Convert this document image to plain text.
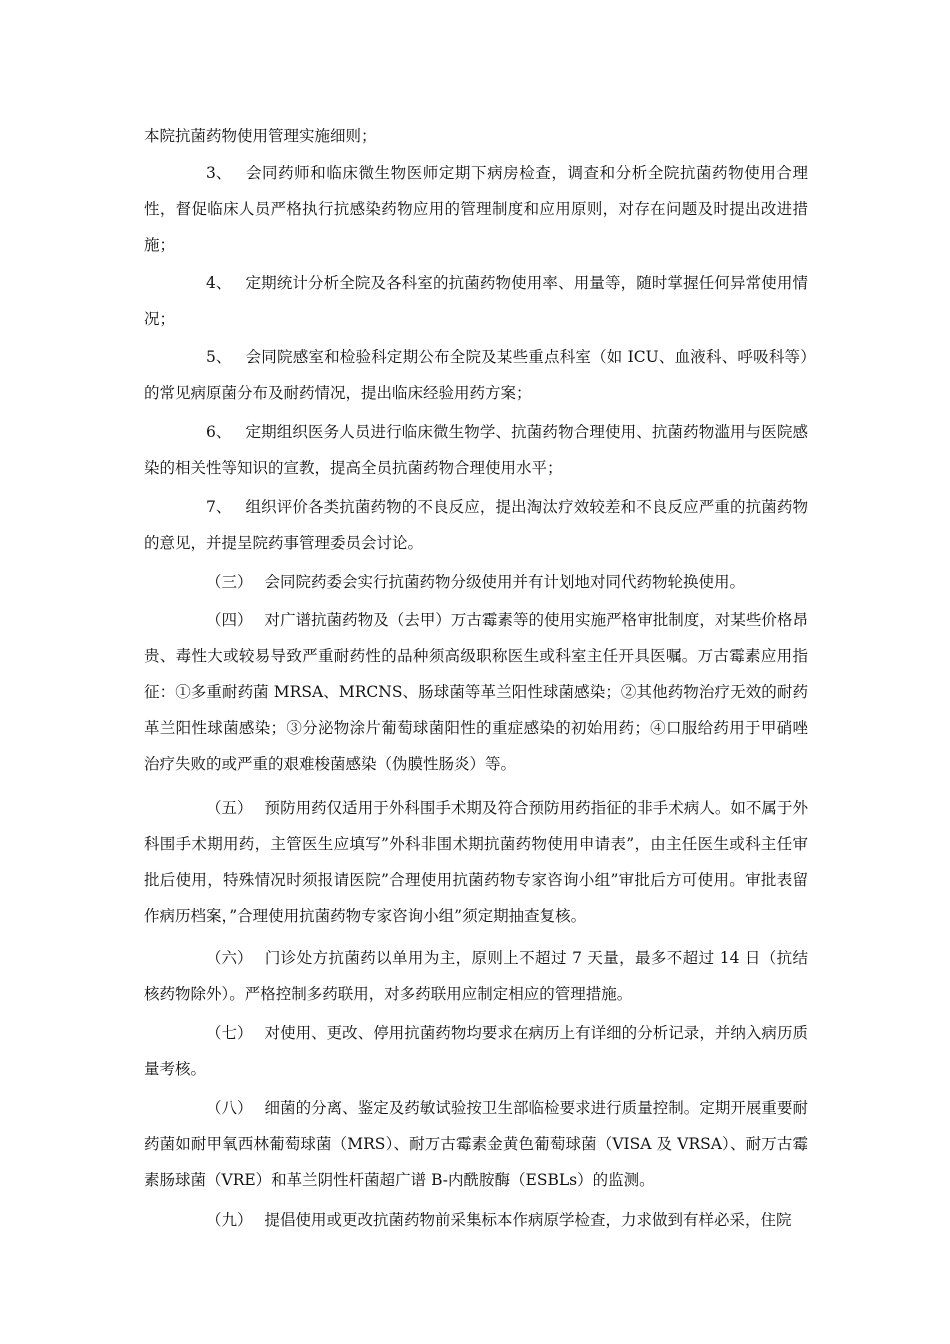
本院抗菌药物使用管理实施细则；

3、 会同药师和临床微生物医师定期下病房检查，调查和分析全院抗菌药物使用合理性，督促临床人员严格执行抗感染药物应用的管理制度和应用原则，对存在问题及时提出改进措施；

4、 定期统计分析全院及各科室的抗菌药物使用率、用量等，随时掌握任何异常使用情况；

5、 会同院感室和检验科定期公布全院及某些重点科室（如 ICU、血液科、呼吸科等）的常见病原菌分布及耐药情况，提出临床经验用药方案；

6、 定期组织医务人员进行临床微生物学、抗菌药物合理使用、抗菌药物滥用与医院感染的相关性等知识的宣教，提高全员抗菌药物合理使用水平；

7、 组织评价各类抗菌药物的不良反应，提出淘汰疗效较差和不良反应严重的抗菌药物的意见，并提呈院药事管理委员会讨论。

（三） 会同院药委会实行抗菌药物分级使用并有计划地对同代药物轮换使用。

（四） 对广谱抗菌药物及（去甲）万古霉素等的使用实施严格审批制度，对某些价格昂贵、毒性大或较易导致严重耐药性的品种须高级职称医生或科室主任开具医嘱。万古霉素应用指征：①多重耐药菌 MRSA、MRCNS、肠球菌等革兰阳性球菌感染；②其他药物治疗无效的耐药革兰阳性球菌感染；③分泌物涂片葡萄球菌阳性的重症感染的初始用药；④口服给药用于甲硝唑治疗失败的或严重的艰难梭菌感染（伪膜性肠炎）等。

（五） 预防用药仅适用于外科围手术期及符合预防用药指征的非手术病人。如不属于外科围手术期用药，主管医生应填写”外科非围术期抗菌药物使用申请表”，由主任医生或科主任审批后使用，特殊情况时须报请医院”合理使用抗菌药物专家咨询小组”审批后方可使用。审批表留作病历档案，”合理使用抗菌药物专家咨询小组”须定期抽查复核。

（六） 门诊处方抗菌药以单用为主，原则上不超过 7 天量，最多不超过 14 日（抗结核药物除外）。严格控制多药联用，对多药联用应制定相应的管理措施。

（七） 对使用、更改、停用抗菌药物均要求在病历上有详细的分析记录，并纳入病历质量考核。

（八） 细菌的分离、鉴定及药敏试验按卫生部临检要求进行质量控制。定期开展重要耐药菌如耐甲氧西林葡萄球菌（MRS）、耐万古霉素金黄色葡萄球菌（VISA 及 VRSA）、耐万古霉素肠球菌（VRE）和革兰阴性杆菌超广谱 B-内酰胺酶（ESBLs）的监测。

（九） 提倡使用或更改抗菌药物前采集标本作病原学检查，力求做到有样必采，住院
